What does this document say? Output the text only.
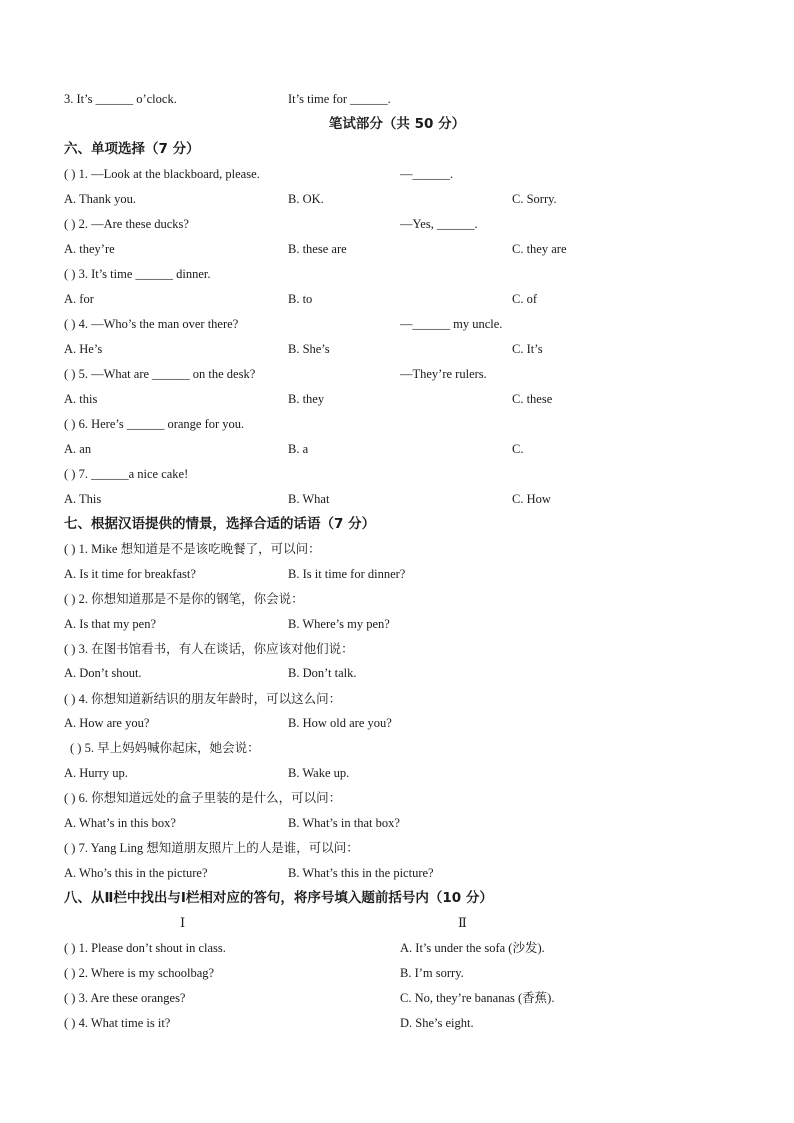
3. It’s ______ o’clock.	It’s time for ______.
笔试部分（共 50 分）
六、单项选择（7 分）
( ) 1. —Look at the blackboard, please.	—______.
A. Thank you.	B. OK.	C. Sorry.
( ) 2. —Are these ducks?	—Yes, ______.
A. they’re	B. these are	C. they are
( ) 3. It’s time ______ dinner.
A. for	B. to	C. of
( ) 4. —Who’s the man over there?	—______ my uncle.
A. He’s	B. She’s	C. It’s
( ) 5. —What are ______ on the desk?	—They’re rulers.
A. this	B. they	C. these
( ) 6. Here’s ______ orange for you.
A. an	B. a	C.
( ) 7. ______a nice cake!
A. This	B. What	C. How
七、根据汉语提供的情景，选择合适的话语（7 分）
( ) 1. Mike 想知道是不是该吃晚餐了，可以问：
A. Is it time for breakfast?	B. Is it time for dinner?
( ) 2. 你想知道那是不是你的钢笔，你会说：
A. Is that my pen?	B. Where’s my pen?
( ) 3. 在图书馆看书，有人在谈话，你应该对他们说：
A. Don’t shout.	B. Don’t talk.
( ) 4. 你想知道新结识的朋友年龄时，可以这么问：
A. How are you?	B. How old are you?
( ) 5. 早上妈妈喊你起床，她会说：
A. Hurry up.	B. Wake up.
( ) 6. 你想知道远处的盒子里装的是什么，可以问：
A. What’s in this box?	B. What’s in that box?
( ) 7. Yang Ling 想知道朋友照片上的人是谁，可以问：
A. Who’s this in the picture?	B. What’s this in the picture?
八、从Ⅱ栏中找出与Ⅰ栏相对应的答句，将序号填入题前括号内（10 分）
Ⅰ	Ⅱ
( ) 1. Please don’t shout in class.	A. It’s under the sofa (沙发).
( ) 2. Where is my schoolbag?	B. I’m sorry.
( ) 3. Are these oranges?	C. No, they’re bananas (香蕉).
( ) 4. What time is it?	D. She’s eight.
